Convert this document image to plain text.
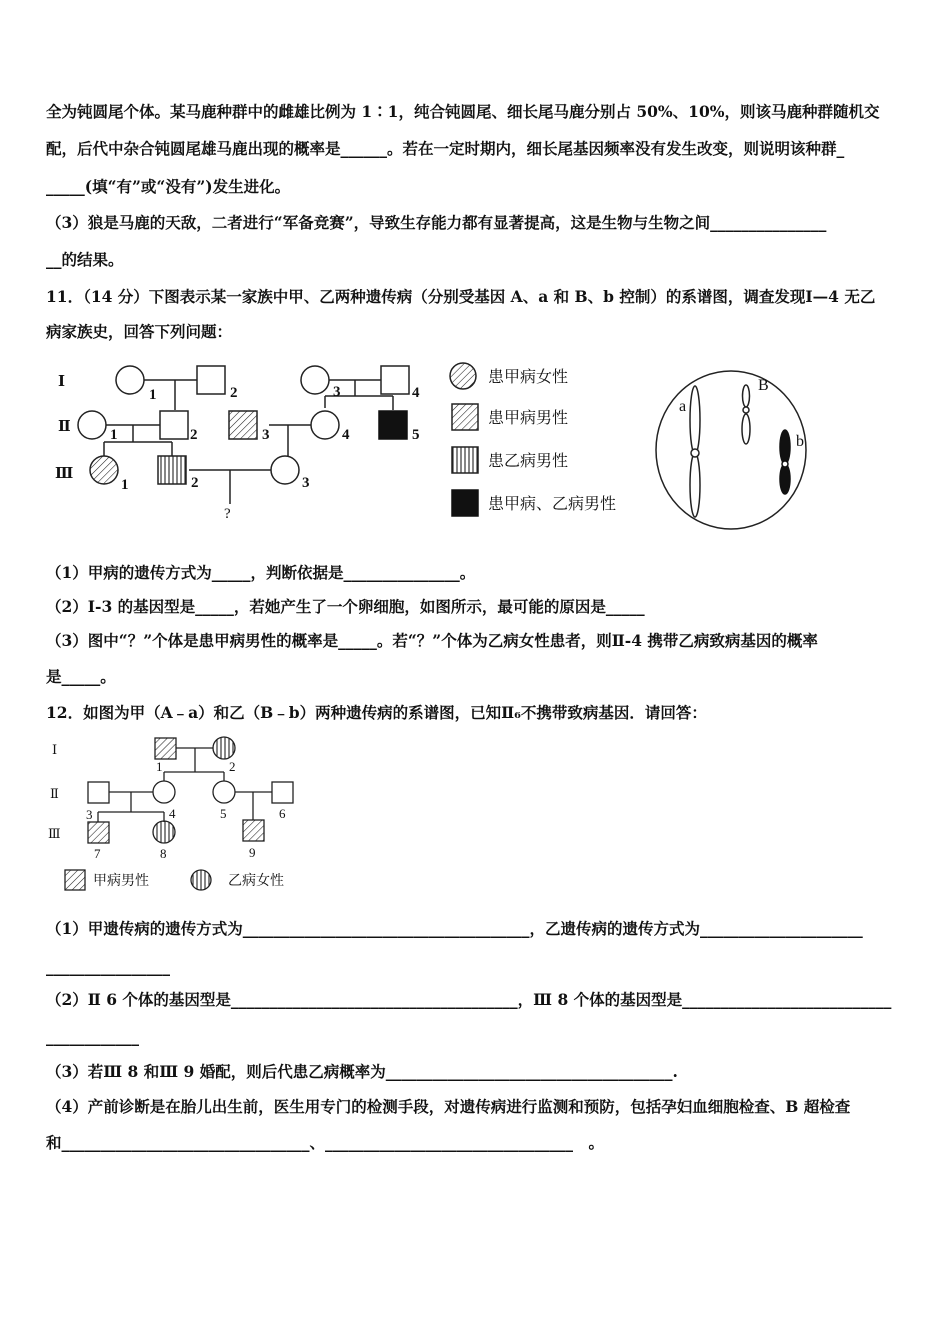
全为钝圆尾个体。某马鹿种群中的雌雄比例为 1∶1，纯合钝圆尾、细长尾马鹿分别占 50%、10%，则该马鹿种群随机交
配，后代中杂合钝圆尾雄马鹿出现的概率是______。若在一定时期内，细长尾基因频率没有发生改变，则说明该种群_
_____(填“有”或“没有”)发生进化。
（3）狼是马鹿的天敌，二者进行“军备竞赛”，导致生存能力都有显著提高，这是生物与生物之间_______________
__的结果。
11．（14 分）下图表示某一家族中甲、乙两种遗传病（分别受基因 A、a 和 B、b 控制）的系谱图，调查发现Ⅰ—4 无乙
病家族史，回答下列问题：
Ⅰ
Ⅱ
Ⅲ
1	2	3	4
1	2	3	4	5
1	2	3
?
患甲病女性
患甲病男性
患乙病男性
患甲病、乙病男性
a
B
b
（1）甲病的遗传方式为_____，判断依据是_______________。
（2）Ⅰ-3 的基因型是_____，若她产生了一个卵细胞，如图所示，最可能的原因是_____
（3）图中“？”个体是患甲病男性的概率是_____。若“？”个体为乙病女性患者，则Ⅱ-4 携带乙病致病基因的概率
是_____。
12．如图为甲（A﹣a）和乙（B﹣b）两种遗传病的系谱图，已知Ⅱ₆不携带致病基因．请回答：
Ⅰ
Ⅱ
Ⅲ
1	2
3	4	5	6
7	8	9
甲病男性	乙病女性
（1）甲遗传病的遗传方式为_____________________________________，乙遗传病的遗传方式为_____________________
________________
（2）Ⅱ 6 个体的基因型是_____________________________________，Ⅲ 8 个体的基因型是___________________________
____________
（3）若Ⅲ 8 和Ⅲ 9 婚配，则后代患乙病概率为_____________________________________.
（4）产前诊断是在胎儿出生前，医生用专门的检测手段，对遗传病进行监测和预防，包括孕妇血细胞检查、B 超检查
和________________________________、________________________________　。
